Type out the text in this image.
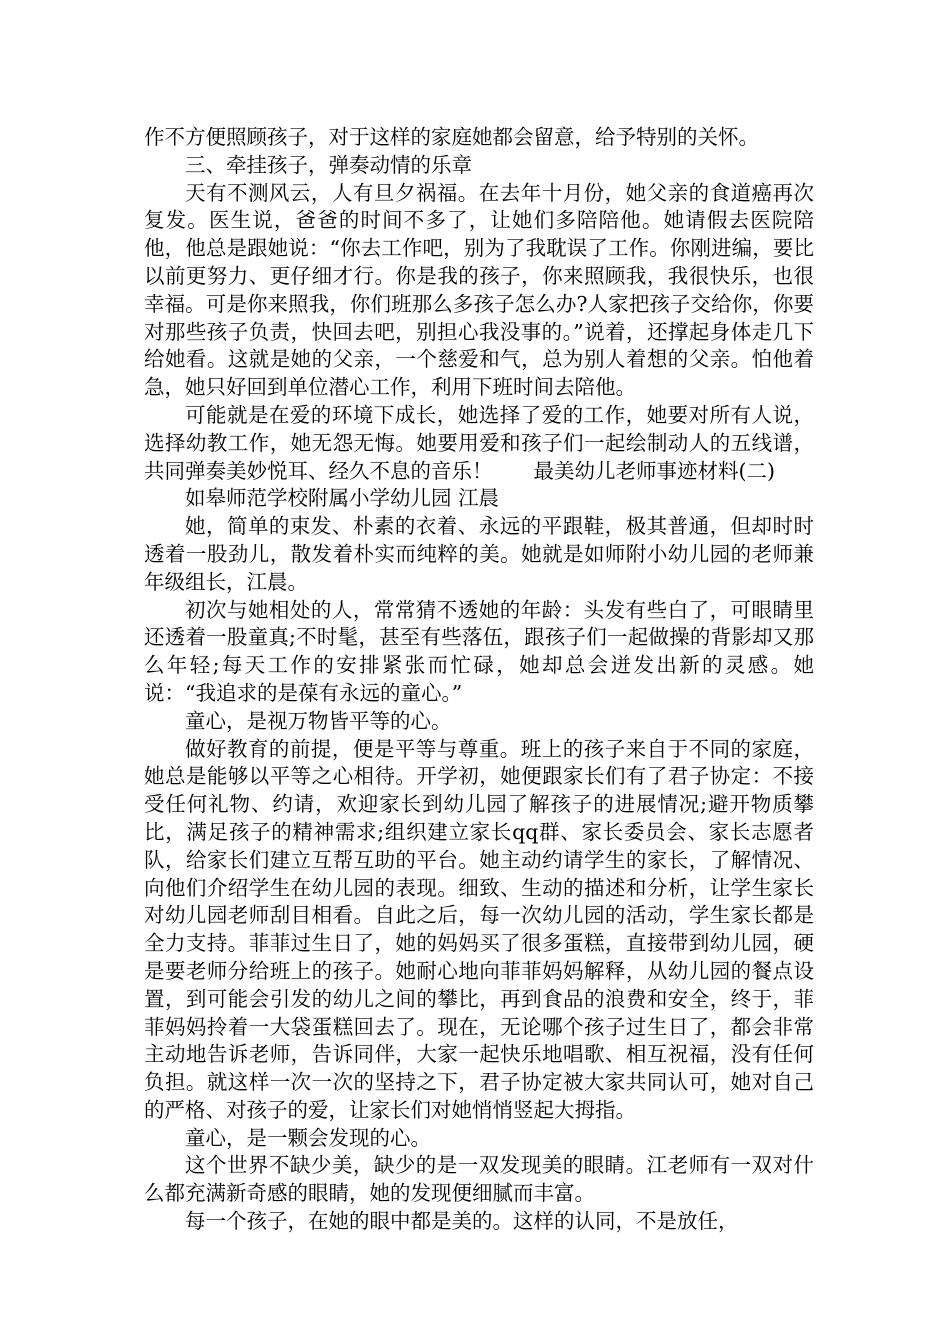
作不方便照顾孩子，对于这样的家庭她都会留意，给予特别的关怀。

三、牵挂孩子，弹奏动情的乐章

天有不测风云，人有旦夕祸福。在去年十月份，她父亲的食道癌再次复发。医生说，爸爸的时间不多了，让她们多陪陪他。她请假去医院陪他，他总是跟她说：“你去工作吧，别为了我耽误了工作。你刚进编，要比以前更努力、更仔细才行。你是我的孩子，你来照顾我，我很快乐，也很幸福。可是你来照我，你们班那么多孩子怎么办?人家把孩子交给你，你要对那些孩子负责，快回去吧，别担心我没事的。”说着，还撑起身体走几下给她看。这就是她的父亲，一个慈爱和气，总为别人着想的父亲。怕他着急，她只好回到单位潜心工作，利用下班时间去陪他。

可能就是在爱的环境下成长，她选择了爱的工作，她要对所有人说，选择幼教工作，她无怨无悔。她要用爱和孩子们一起绘制动人的五线谱，共同弹奏美妙悦耳、经久不息的音乐！　　最美幼儿老师事迹材料(二)

如皋师范学校附属小学幼儿园 江晨

她，简单的束发、朴素的衣着、永远的平跟鞋，极其普通，但却时时透着一股劲儿，散发着朴实而纯粹的美。她就是如师附小幼儿园的老师兼年级组长，江晨。

初次与她相处的人，常常猜不透她的年龄：头发有些白了，可眼睛里还透着一股童真;不时髦，甚至有些落伍，跟孩子们一起做操的背影却又那么年轻;每天工作的安排紧张而忙碌，她却总会迸发出新的灵感。她说：“我追求的是葆有永远的童心。”

童心，是视万物皆平等的心。

做好教育的前提，便是平等与尊重。班上的孩子来自于不同的家庭，她总是能够以平等之心相待。开学初，她便跟家长们有了君子协定：不接受任何礼物、约请，欢迎家长到幼儿园了解孩子的进展情况;避开物质攀比，满足孩子的精神需求;组织建立家长qq群、家长委员会、家长志愿者队，给家长们建立互帮互助的平台。她主动约请学生的家长，了解情况、向他们介绍学生在幼儿园的表现。细致、生动的描述和分析，让学生家长对幼儿园老师刮目相看。自此之后，每一次幼儿园的活动，学生家长都是全力支持。菲菲过生日了，她的妈妈买了很多蛋糕，直接带到幼儿园，硬是要老师分给班上的孩子。她耐心地向菲菲妈妈解释，从幼儿园的餐点设置，到可能会引发的幼儿之间的攀比，再到食品的浪费和安全，终于，菲菲妈妈拎着一大袋蛋糕回去了。现在，无论哪个孩子过生日了，都会非常主动地告诉老师，告诉同伴，大家一起快乐地唱歌、相互祝福，没有任何负担。就这样一次一次的坚持之下，君子协定被大家共同认可，她对自己的严格、对孩子的爱，让家长们对她悄悄竖起大拇指。

童心，是一颗会发现的心。

这个世界不缺少美，缺少的是一双发现美的眼睛。江老师有一双对什么都充满新奇感的眼睛，她的发现便细腻而丰富。

每一个孩子，在她的眼中都是美的。这样的认同，不是放任，
